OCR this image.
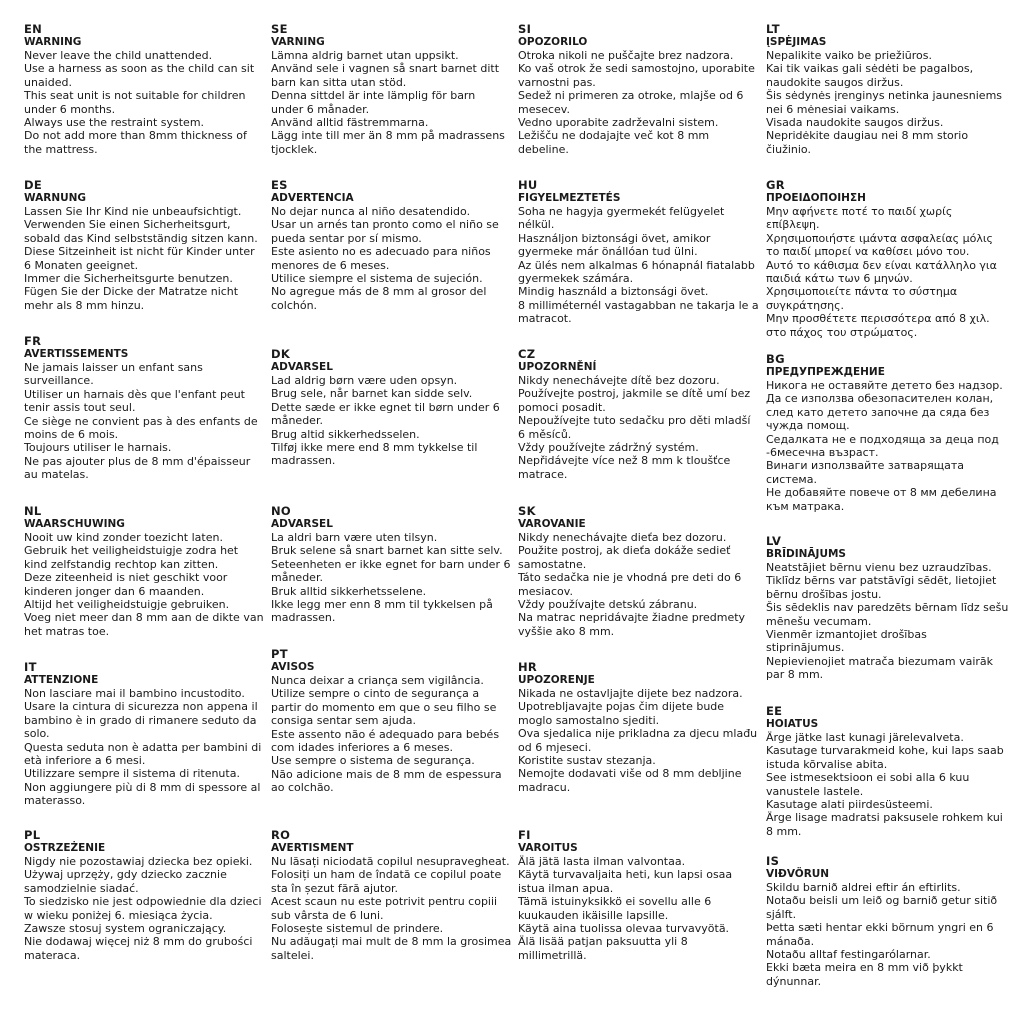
EN
WARNING
Never leave the child unattended.
Use a harness as soon as the child can sit
unaided.
This seat unit is not suitable for children
under 6 months.
Always use the restraint system.
Do not add more than 8mm thickness of
the mattress.
DE
WARNUNG
Lassen Sie Ihr Kind nie unbeaufsichtigt.
Verwenden Sie einen Sicherheitsgurt,
sobald das Kind selbstständig sitzen kann.
Diese Sitzeinheit ist nicht für Kinder unter
6 Monaten geeignet.
Immer die Sicherheitsgurte benutzen.
Fügen Sie der Dicke der Matratze nicht
mehr als 8 mm hinzu.
FR
AVERTISSEMENTS
Ne jamais laisser un enfant sans
surveillance.
Utiliser un harnais dès que l'enfant peut
tenir assis tout seul.
Ce siège ne convient pas à des enfants de
moins de 6 mois.
Toujours utiliser le harnais.
Ne pas ajouter plus de 8 mm d'épaisseur
au matelas.
NL
WAARSCHUWING
Nooit uw kind zonder toezicht laten.
Gebruik het veiligheidstuigje zodra het
kind zelfstandig rechtop kan zitten.
Deze ziteenheid is niet geschikt voor
kinderen jonger dan 6 maanden.
Altijd het veiligheidstuigje gebruiken.
Voeg niet meer dan 8 mm aan de dikte van
het matras toe.
IT
ATTENZIONE
Non lasciare mai il bambino incustodito.
Usare la cintura di sicurezza non appena il
bambino è in grado di rimanere seduto da
solo.
Questa seduta non è adatta per bambini di
età inferiore a 6 mesi.
Utilizzare sempre il sistema di ritenuta.
Non aggiungere più di 8 mm di spessore al
materasso.
PL
OSTRZEŻENIE
Nigdy nie pozostawiaj dziecka bez opieki.
Używaj uprzęży, gdy dziecko zacznie
samodzielnie siadać.
To siedzisko nie jest odpowiednie dla dzieci
w wieku poniżej 6. miesiąca życia.
Zawsze stosuj system ograniczający.
Nie dodawaj więcej niż 8 mm do grubości
materaca.
SE
VARNING
Lämna aldrig barnet utan uppsikt.
Använd sele i vagnen så snart barnet ditt
barn kan sitta utan stöd.
Denna sittdel är inte lämplig för barn
under 6 månader.
Använd alltid fästremmarna.
Lägg inte till mer än 8 mm på madrassens
tjocklek.
ES
ADVERTENCIA
No dejar nunca al niño desatendido.
Usar un arnés tan pronto como el niño se
pueda sentar por sí mismo.
Este asiento no es adecuado para niños
menores de 6 meses.
Utilice siempre el sistema de sujeción.
No agregue más de 8 mm al grosor del
colchón.
DK
ADVARSEL
Lad aldrig børn være uden opsyn.
Brug sele, når barnet kan sidde selv.
Dette sæde er ikke egnet til børn under 6
måneder.
Brug altid sikkerhedsselen.
Tilføj ikke mere end 8 mm tykkelse til
madrassen.
NO
ADVARSEL
La aldri barn være uten tilsyn.
Bruk selene så snart barnet kan sitte selv.
Seteenheten er ikke egnet for barn under 6
måneder.
Bruk alltid sikkerhetsselene.
Ikke legg mer enn 8 mm til tykkelsen på
madrassen.
PT
AVISOS
Nunca deixar a criança sem vigilância.
Utilize sempre o cinto de segurança a
partir do momento em que o seu filho se
consiga sentar sem ajuda.
Este assento não é adequado para bebés
com idades inferiores a 6 meses.
Use sempre o sistema de segurança.
Não adicione mais de 8 mm de espessura
ao colchão.
RO
AVERTISMENT
Nu lăsați niciodată copilul nesupravegheat.
Folosiți un ham de îndată ce copilul poate
sta în șezut fără ajutor.
Acest scaun nu este potrivit pentru copiii
sub vârsta de 6 luni.
Folosește sistemul de prindere.
Nu adăugați mai mult de 8 mm la grosimea
saltelei.
SI
OPOZORILO
Otroka nikoli ne puščajte brez nadzora.
Ko vaš otrok že sedi samostojno, uporabite
varnostni pas.
Sedež ni primeren za otroke, mlajše od 6
mesecev.
Vedno uporabite zadrževalni sistem.
Ležišču ne dodajajte več kot 8 mm
debeline.
HU
FIGYELMEZTETÉS
Soha ne hagyja gyermekét felügyelet
nélkül.
Használjon biztonsági övet, amikor
gyermeke már önállóan tud ülni.
Az ülés nem alkalmas 6 hónapnál fiatalabb
gyermekek számára.
Mindig használd a biztonsági övet.
8 milliméternél vastagabban ne takarja le a
matracot.
CZ
UPOZORNĚNÍ
Nikdy nenechávejte dítě bez dozoru.
Používejte postroj, jakmile se dítě umí bez
pomoci posadit.
Nepoužívejte tuto sedačku pro děti mladší
6 měsíců.
Vždy používejte zádržný systém.
Nepřidávejte více než 8 mm k tloušťce
matrace.
SK
VAROVANIE
Nikdy nenechávajte dieťa bez dozoru.
Použite postroj, ak dieťa dokáže sedieť
samostatne.
Táto sedačka nie je vhodná pre deti do 6
mesiacov.
Vždy používajte detskú zábranu.
Na matrac nepridávajte žiadne predmety
vyššie ako 8 mm.
HR
UPOZORENJE
Nikada ne ostavljajte dijete bez nadzora.
Upotrebljavajte pojas čim dijete bude
moglo samostalno sjediti.
Ova sjedalica nije prikladna za djecu mlađu
od 6 mjeseci.
Koristite sustav stezanja.
Nemojte dodavati više od 8 mm debljine
madracu.
FI
VAROITUS
Älä jätä lasta ilman valvontaa.
Käytä turvavaljaita heti, kun lapsi osaa
istua ilman apua.
Tämä istuinyksikkö ei sovellu alle 6
kuukauden ikäisille lapsille.
Käytä aina tuolissa olevaa turvavyötä.
Älä lisää patjan paksuutta yli 8
millimetrillä.
LT
ĮSPĖJIMAS
Nepalikite vaiko be priežiūros.
Kai tik vaikas gali sėdėti be pagalbos,
naudokite saugos diržus.
Šis sėdynės įrenginys netinka jaunesniems
nei 6 mėnesiai vaikams.
Visada naudokite saugos diržus.
Nepridėkite daugiau nei 8 mm storio
čiužinio.
GR
ΠΡΟΕΙΔΟΠΟΙΗΣΗ
Μην αφήνετε ποτέ το παιδί χωρίς
επίβλεψη.
Χρησιμοποιήστε ιμάντα ασφαλείας μόλις
το παιδί μπορεί να καθίσει μόνο του.
Αυτό το κάθισμα δεν είναι κατάλληλο για
παιδιά κάτω των 6 μηνών.
Χρησιμοποιείτε πάντα το σύστημα
συγκράτησης.
Μην προσθέτετε περισσότερα από 8 χιλ.
στο πάχος του στρώματος.
BG
ПРЕДУПРЕЖДЕНИЕ
Никога не оставяйте детето без надзор.
Да се използва обезопасителен колан,
след като детето започне да сяда без
чужда помощ.
Седалката не е подходяща за деца под
-6месечна възраст.
Винаги използвайте затварящата
система.
Не добавяйте повече от 8 мм дебелина
към матрака.
LV
BRĪDINĀJUMS
Neatstājiet bērnu vienu bez uzraudzības.
Tiklīdz bērns var patstāvīgi sēdēt, lietojiet
bērnu drošības jostu.
Šis sēdeklis nav paredzēts bērnam līdz sešu
mēnešu vecumam.
Vienmēr izmantojiet drošības
stiprinājumus.
Nepievienojiet matrača biezumam vairāk
par 8 mm.
EE
HOIATUS
Ärge jätke last kunagi järelevalveta.
Kasutage turvarakmeid kohe, kui laps saab
istuda kõrvalise abita.
See istmesektsioon ei sobi alla 6 kuu
vanustele lastele.
Kasutage alati piirdesüsteemi.
Ärge lisage madratsi paksusele rohkem kui
8 mm.
IS
VIÐVÖRUN
Skildu barnið aldrei eftir án eftirlits.
Notaðu beisli um leið og barnið getur sitið
sjálft.
Þetta sæti hentar ekki börnum yngri en 6
mánaða.
Notaðu alltaf festingarólarnar.
Ekki bæta meira en 8 mm við þykkt
dýnunnar.
